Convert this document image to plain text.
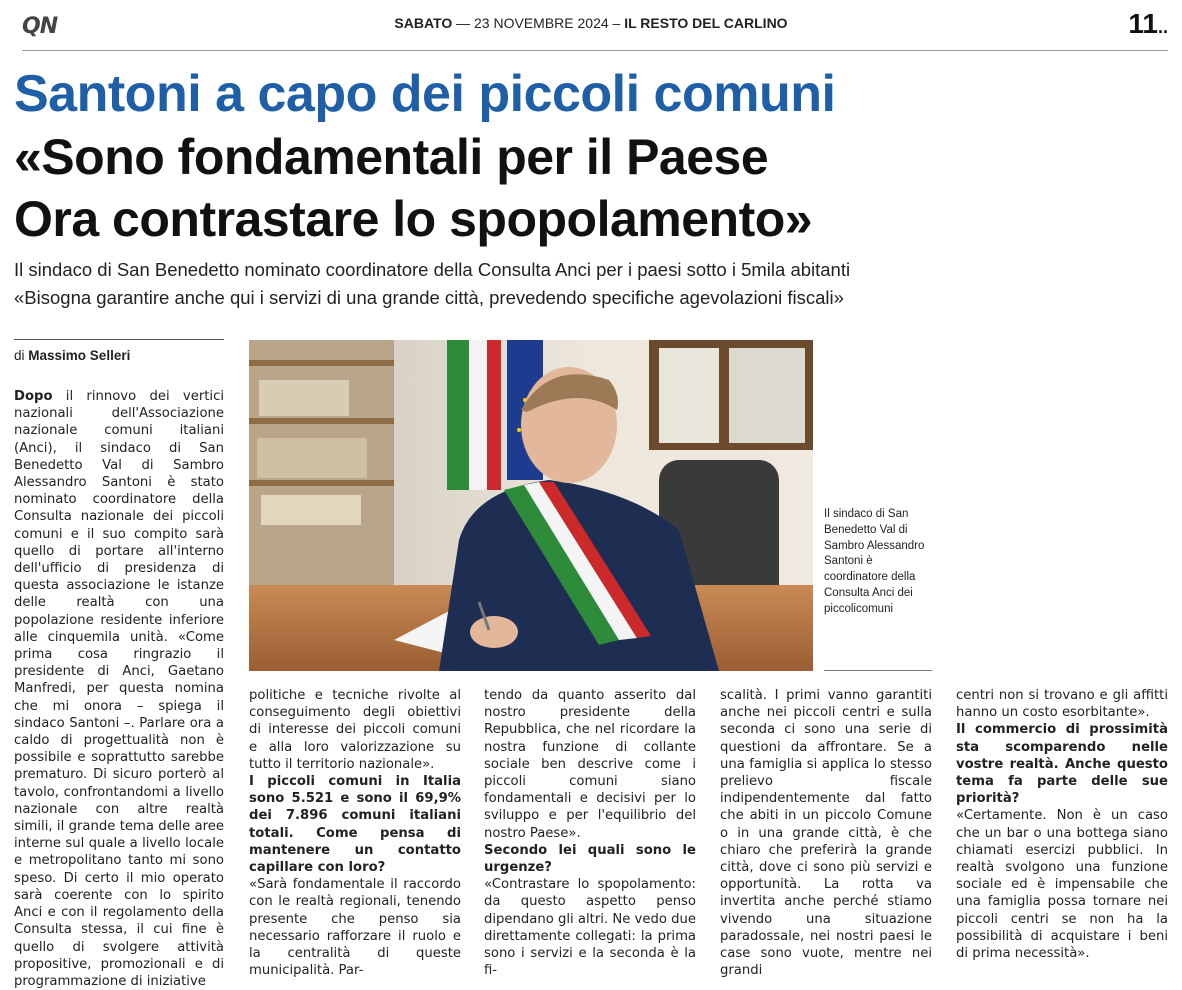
QN	SABATO — 23 NOVEMBRE 2024 – IL RESTO DEL CARLINO	11..
Santoni a capo dei piccoli comuni
«Sono fondamentali per il Paese
Ora contrastare lo spopolamento»
Il sindaco di San Benedetto nominato coordinatore della Consulta Anci per i paesi sotto i 5mila abitanti
«Bisogna garantire anche qui i servizi di una grande città, prevedendo specifiche agevolazioni fiscali»
di Massimo Selleri

Dopo il rinnovo dei vertici nazionali dell'Associazione nazionale comuni italiani (Anci), il sindaco di San Benedetto Val di Sambro Alessandro Santoni è stato nominato coordinatore della Consulta nazionale dei piccoli comuni e il suo compito sarà quello di portare all'interno dell'ufficio di presidenza di questa associazione le istanze delle realtà con una popolazione residente inferiore alle cinquemila unità. «Come prima cosa ringrazio il presidente di Anci, Gaetano Manfredi, per questa nomina che mi onora – spiega il sindaco Santoni –. Parlare ora a caldo di progettualità non è possibile e soprattutto sarebbe prematuro. Di sicuro porterò al tavolo, confrontandomi a livello nazionale con altre realtà simili, il grande tema delle aree interne sul quale a livello locale e metropolitano tanto mi sono speso. Di certo il mio operato sarà coerente con lo spirito Anci e con il regolamento della Consulta stessa, il cui fine è quello di svolgere attività propositive, promozionali e di programmazione di iniziative

Il sindaco di San Benedetto Val di Sambro Alessandro Santoni è coordinatore della Consulta Anci dei piccolicomuni

politiche e tecniche rivolte al conseguimento degli obiettivi di interesse dei piccoli comuni e alla loro valorizzazione su tutto il territorio nazionale».

I piccoli comuni in Italia sono 5.521 e sono il 69,9% dei 7.896 comuni italiani totali. Come pensa di mantenere un contatto capillare con loro?

«Sarà fondamentale il raccordo con le realtà regionali, tenendo presente che penso sia necessario rafforzare il ruolo e la centralità di queste municipalità. Par-

tendo da quanto asserito dal nostro presidente della Repubblica, che nel ricordare la nostra funzione di collante sociale ben descrive come i piccoli comuni siano fondamentali e decisivi per lo sviluppo e per l'equilibrio del nostro Paese».

Secondo lei quali sono le urgenze?

«Contrastare lo spopolamento: da questo aspetto penso dipendano gli altri. Ne vedo due direttamente collegati: la prima sono i servizi e la seconda è la fi-

scalità. I primi vanno garantiti anche nei piccoli centri e sulla seconda ci sono una serie di questioni da affrontare. Se a una famiglia si applica lo stesso prelievo fiscale indipendentemente dal fatto che abiti in un piccolo Comune o in una grande città, è che chiaro che preferirà la grande città, dove ci sono più servizi e opportunità. La rotta va invertita anche perché stiamo vivendo una situazione paradossale, nei nostri paesi le case sono vuote, mentre nei grandi

centri non si trovano e gli affitti hanno un costo esorbitante».

Il commercio di prossimità sta scomparendo nelle vostre realtà. Anche questo tema fa parte delle sue priorità?

«Certamente. Non è un caso che un bar o una bottega siano chiamati esercizi pubblici. In realtà svolgono una funzione sociale ed è impensabile che una famiglia possa tornare nei piccoli centri se non ha la possibilità di acquistare i beni di prima necessità».
